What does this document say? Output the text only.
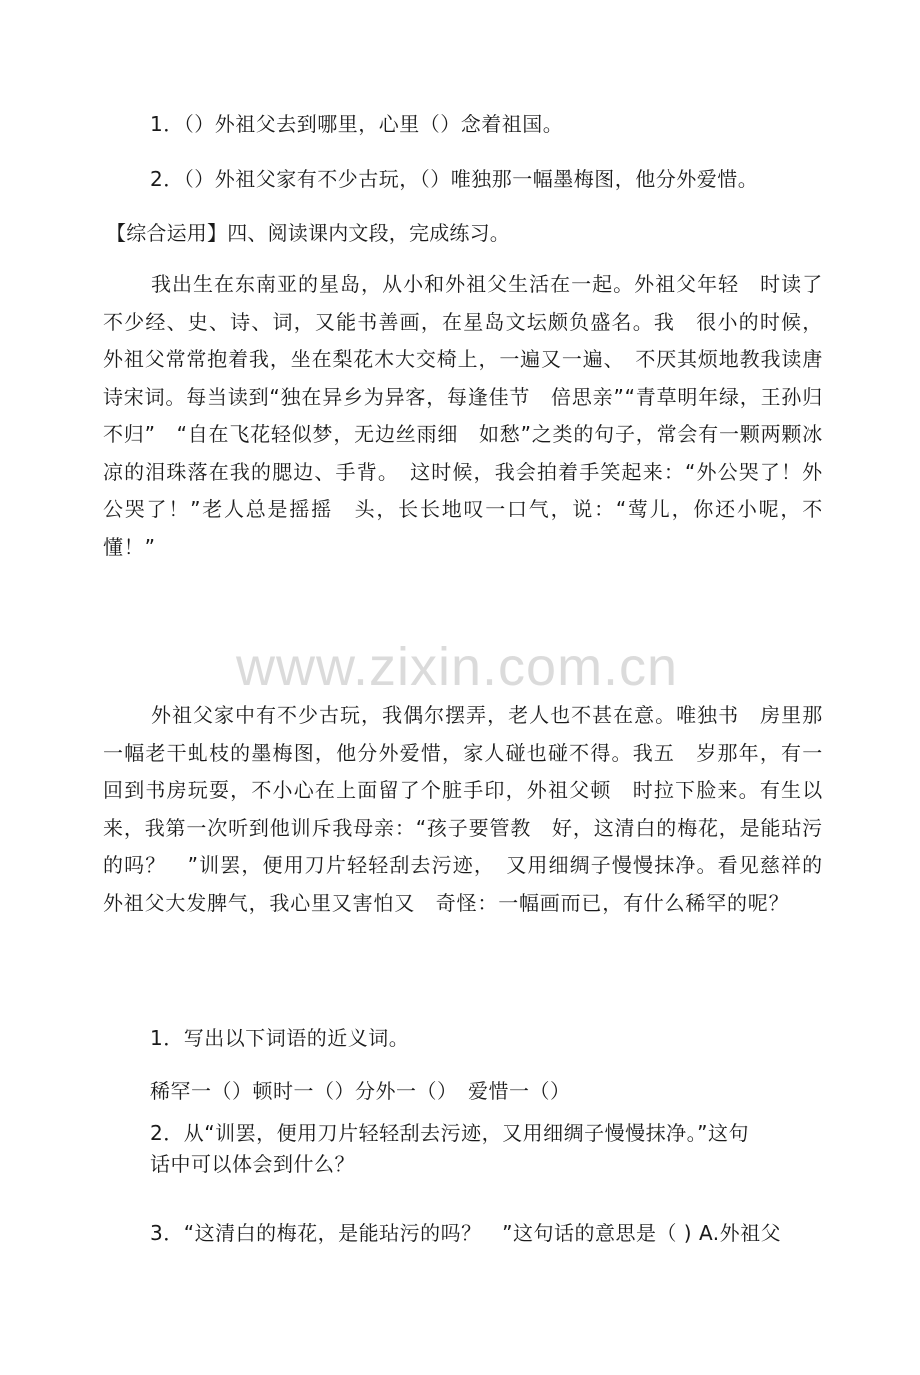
1．（）外祖父去到哪里，心里（）念着祖国。
2．（）外祖父家有不少古玩，（）唯独那一幅墨梅图，他分外爱惜。
【综合运用】四、阅读课内文段，完成练习。
我出生在东南亚的星岛，从小和外祖父生活在一起。外祖父年轻　时读了不少经、史、诗、词，又能书善画，在星岛文坛颇负盛名。我　很小的时候，外祖父常常抱着我，坐在梨花木大交椅上，一遍又一遍、　不厌其烦地教我读唐诗宋词。每当读到“独在异乡为异客，每逢佳节　倍思亲”“青草明年绿，王孙归不归”　“自在飞花轻似梦，无边丝雨细　如愁”之类的句子，常会有一颗两颗冰凉的泪珠落在我的腮边、手背。　这时候，我会拍着手笑起来：“外公哭了！外公哭了！”老人总是摇摇　头，长长地叹一口气，说：“莺儿，你还小呢，不懂！”
外祖父家中有不少古玩，我偶尔摆弄，老人也不甚在意。唯独书　房里那一幅老干虬枝的墨梅图，他分外爱惜，家人碰也碰不得。我五　岁那年，有一回到书房玩耍，不小心在上面留了个脏手印，外祖父顿　时拉下脸来。有生以来，我第一次听到他训斥我母亲：“孩子要管教　好，这清白的梅花，是能玷污的吗？　”训罢，便用刀片轻轻刮去污迹，　又用细绸子慢慢抹净。看见慈祥的外祖父大发脾气，我心里又害怕又　奇怪：一幅画而已，有什么稀罕的呢？
www.zixin.com.cn
1．写出以下词语的近义词。
稀罕一（）顿时一（）分外一（）　爱惜一（）
2．从“训罢，便用刀片轻轻刮去污迹，又用细绸子慢慢抹净。”这句
话中可以体会到什么？
3．“这清白的梅花，是能玷污的吗？　”这句话的意思是（ ) A.外祖父
